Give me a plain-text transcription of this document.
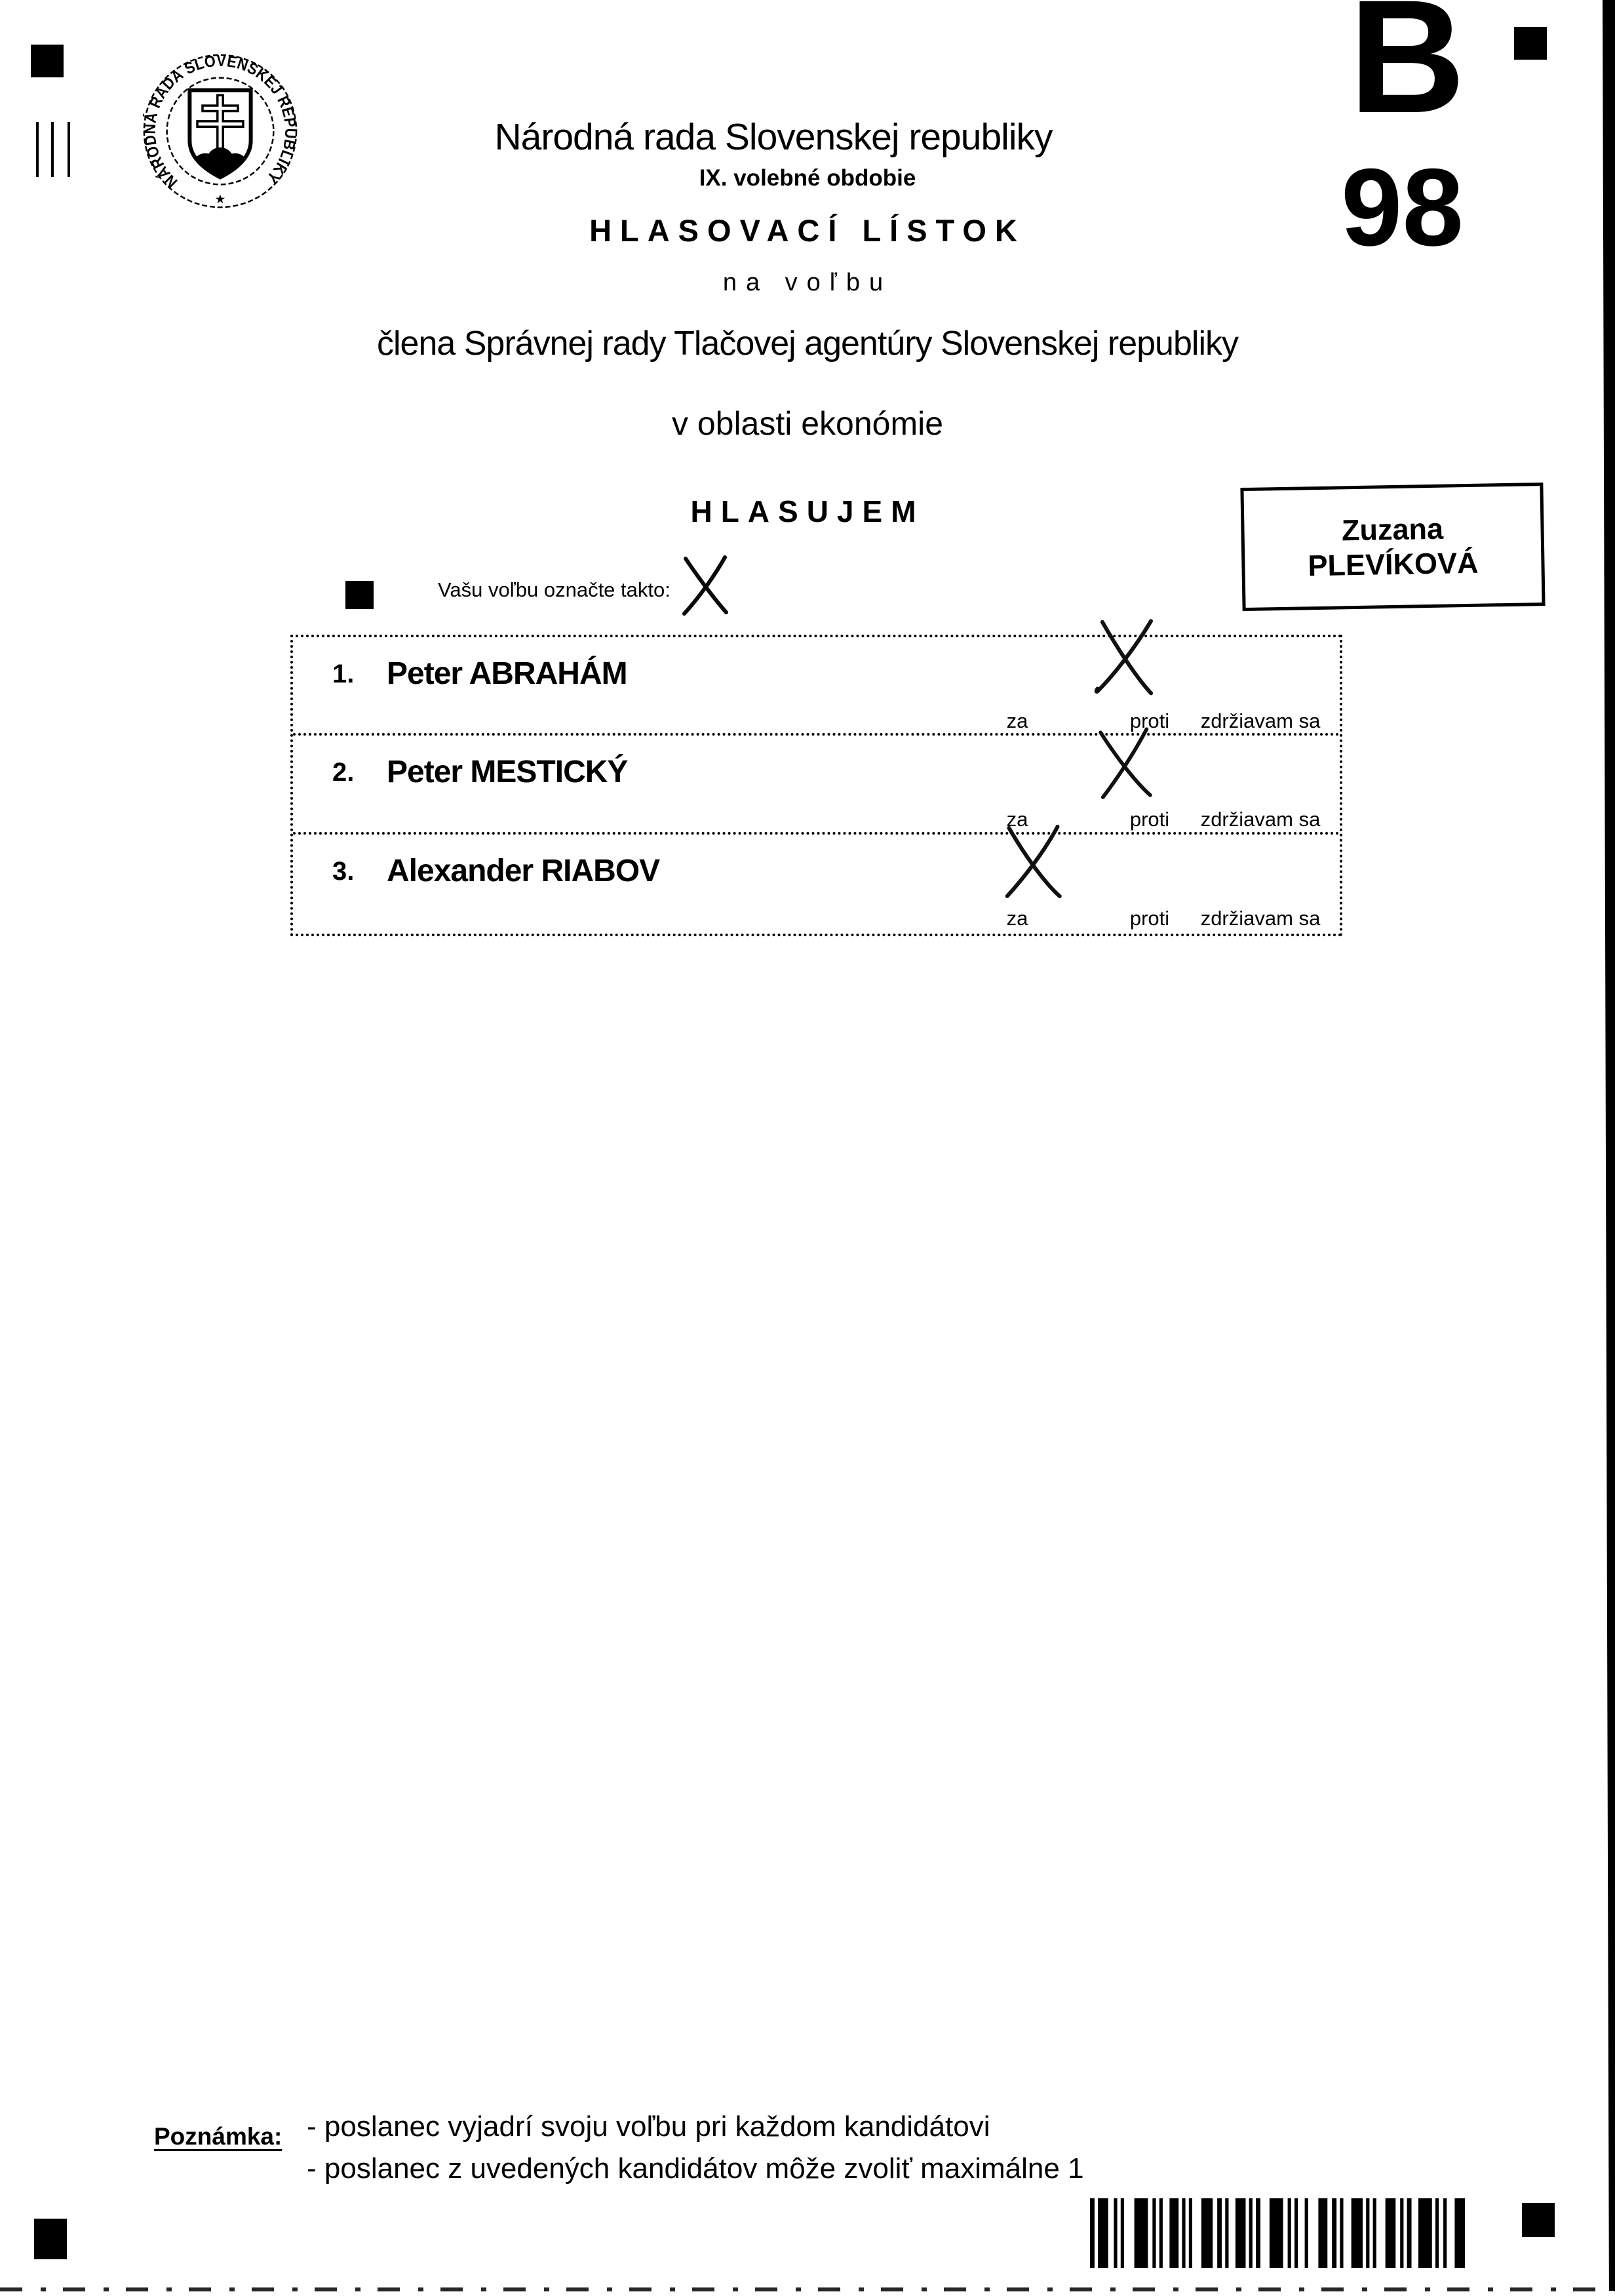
NÁRODNÁ RADA SLOVENSKEJ REPUBLIKY
★
B
98
Národná rada Slovenskej republiky
IX. volebné obdobie
HLASOVACÍ LÍSTOK
na voľbu
člena Správnej rady Tlačovej agentúry Slovenskej republiky
v oblasti ekonómie
HLASUJEM
Zuzana
PLEVÍKOVÁ
Vašu voľbu označte takto:
1. Peter ABRAHÁM
za	proti zdržiavam sa
2. Peter MESTICKÝ
za	proti zdržiavam sa
3. Alexander RIABOV
za	proti zdržiavam sa
Poznámka: - poslanec vyjadrí svoju voľbu pri každom kandidátovi
- poslanec z uvedených kandidátov môže zvoliť maximálne 1
